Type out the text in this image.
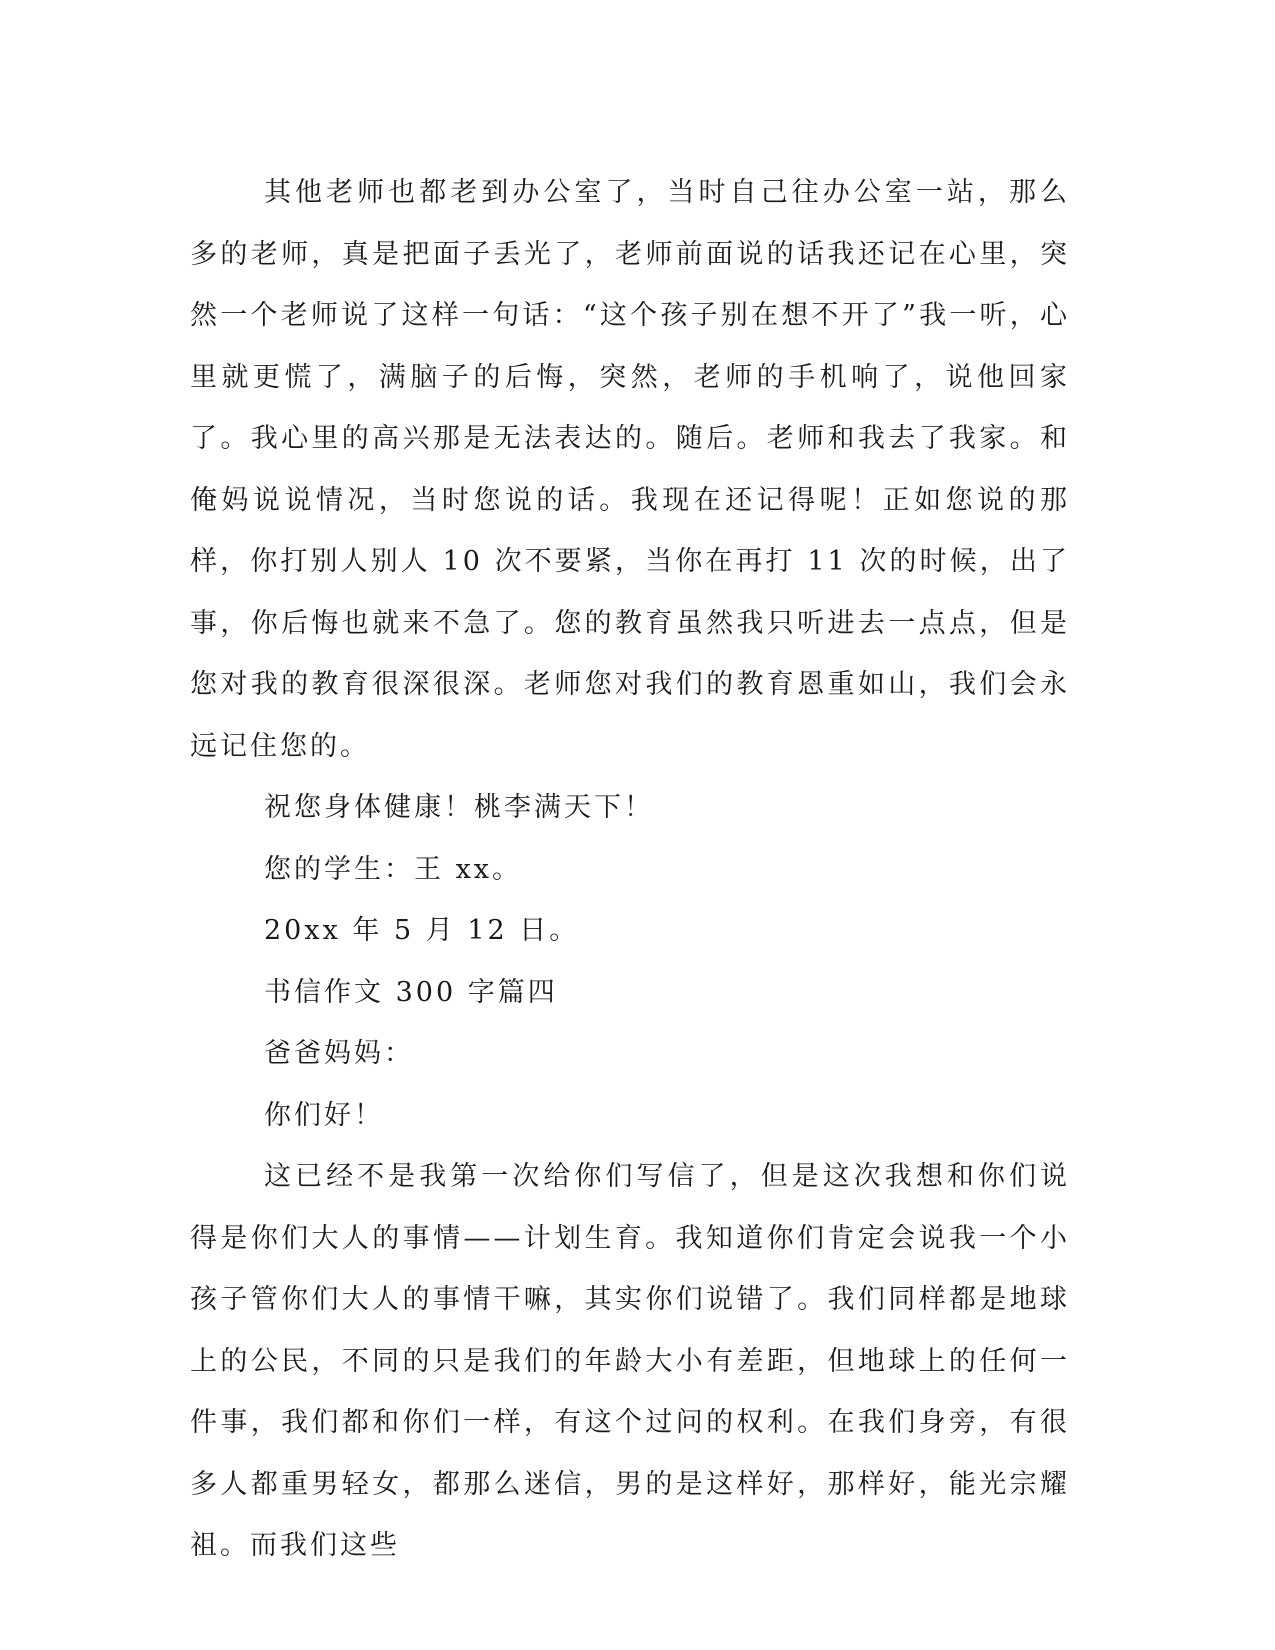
其他老师也都老到办公室了，当时自己往办公室一站，那么多的老师，真是把面子丢光了，老师前面说的话我还记在心里，突然一个老师说了这样一句话：“这个孩子别在想不开了”我一听，心里就更慌了，满脑子的后悔，突然，老师的手机响了，说他回家了。我心里的高兴那是无法表达的。随后。老师和我去了我家。和俺妈说说情况，当时您说的话。我现在还记得呢！正如您说的那样，你打别人别人 10 次不要紧，当你在再打 11 次的时候，出了事，你后悔也就来不急了。您的教育虽然我只听进去一点点，但是您对我的教育很深很深。老师您对我们的教育恩重如山，我们会永远记住您的。

祝您身体健康！桃李满天下！

您的学生：王 xx。

20xx 年 5 月 12 日。

书信作文 300 字篇四

爸爸妈妈：

你们好！

这已经不是我第一次给你们写信了，但是这次我想和你们说得是你们大人的事情——计划生育。我知道你们肯定会说我一个小孩子管你们大人的事情干嘛，其实你们说错了。我们同样都是地球上的公民，不同的只是我们的年龄大小有差距，但地球上的任何一件事，我们都和你们一样，有这个过问的权利。在我们身旁，有很多人都重男轻女，都那么迷信，男的是这样好，那样好，能光宗耀祖。而我们这些
